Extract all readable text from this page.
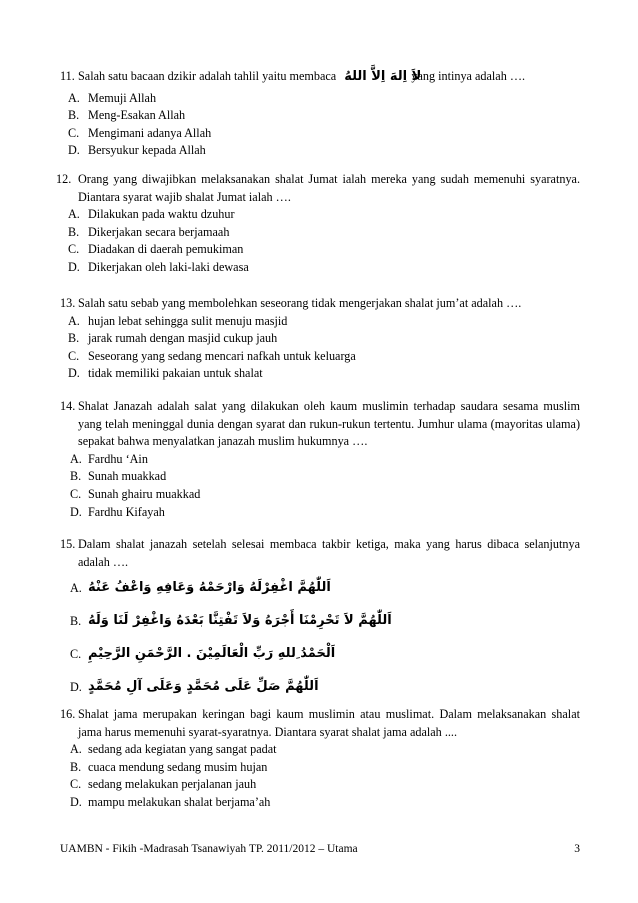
11. Salah satu bacaan dzikir adalah tahlil yaitu membaca لاَ اِلهَ اِلاَّ اللهُyang intinya adalah ….
A. Memuji Allah
B. Meng-Esakan Allah
C. Mengimani adanya Allah
D. Bersyukur kepada Allah
12. Orang yang diwajibkan melaksanakan shalat Jumat ialah mereka yang sudah memenuhi syaratnya. Diantara syarat wajib shalat Jumat ialah ….
A. Dilakukan pada waktu dzuhur
B. Dikerjakan secara berjamaah
C. Diadakan di daerah pemukiman
D. Dikerjakan oleh laki-laki dewasa
13. Salah satu sebab yang membolehkan seseorang tidak mengerjakan shalat jum’at adalah ….
A. hujan lebat sehingga sulit menuju masjid
B. jarak rumah dengan masjid cukup jauh
C. Seseorang yang sedang mencari nafkah untuk keluarga
D. tidak memiliki pakaian untuk shalat
14. Shalat Janazah adalah salat yang dilakukan oleh kaum muslimin terhadap saudara sesama muslim yang telah meninggal dunia dengan syarat dan rukun-rukun tertentu. Jumhur ulama (mayoritas ulama) sepakat bahwa menyalatkan janazah muslim hukumnya ….
A. Fardhu ‘Ain
B. Sunah muakkad
C. Sunah ghairu muakkad
D. Fardhu Kifayah
15. Dalam shalat janazah setelah selesai membaca takbir ketiga, maka yang harus dibaca selanjutnya adalah ….
A. اَللّٰهُمَّ اغْفِرْلَهُ وَارْحَمْهُ وَعَافِهِ وَاعْفُ عَنْهُ
B. اَللّٰهُمَّ لاَ تَحْرِمْنَا أَجْرَهُ وَلاَ تَفْتِنَّا بَعْدَهُ وَاغْفِرْ لَنَا وَلَهُ
C. اَلْحَمْدُ ِللهِ رَبِّ الْعَالَمِيْنَ . الرَّحْمَنِ الرَّحِيْمِ
D. اَللّٰهُمَّ صَلِّ عَلَى مُحَمَّدٍ وَعَلَى آلِ مُحَمَّدٍ
16. Shalat jama merupakan keringan bagi kaum muslimin atau muslimat. Dalam melaksanakan shalat jama harus memenuhi syarat-syaratnya. Diantara syarat shalat jama adalah ....
A. sedang ada kegiatan yang sangat padat
B. cuaca mendung sedang musim hujan
C. sedang melakukan perjalanan jauh
D. mampu melakukan shalat berjama’ah
UAMBN - Fikih -Madrasah Tsanawiyah TP. 2011/2012 – Utama	3
